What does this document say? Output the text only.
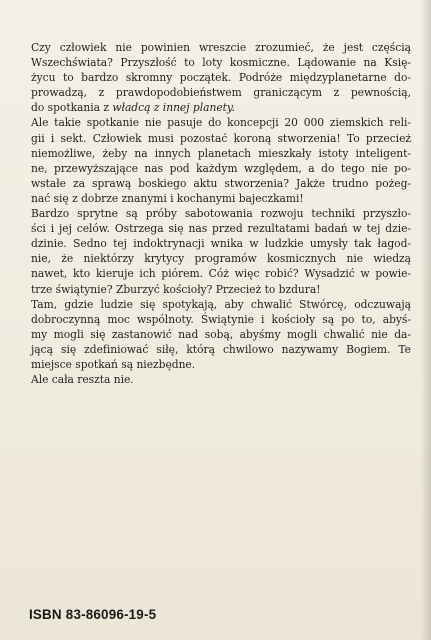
Czy człowiek nie powinien wreszcie zrozumieć, że jest częścią
Wszechświata? Przyszłość to loty kosmiczne. Lądowanie na Księ-
życu to bardzo skromny początek. Podróże międzyplanetarne do-
prowadzą, z prawdopodobieństwem graniczącym z pewnością,
do spotkania z władcą z innej planety.

Ale takie spotkanie nie pasuje do koncepcji 20 000 ziemskich reli-
gii i sekt. Człowiek musi pozostać koroną stworzenia! To przecież
niemożliwe, żeby na innych planetach mieszkały istoty inteligent-
ne, przewyższające nas pod każdym względem, a do tego nie po-
wstałe za sprawą boskiego aktu stworzenia? Jakże trudno pożeg-
nać się z dobrze znanymi i kochanymi bajeczkami!

Bardzo sprytne są próby sabotowania rozwoju techniki przyszło-
ści i jej celów. Ostrzega się nas przed rezultatami badań w tej dzie-
dzinie. Sedno tej indoktrynacji wnika w ludzkie umysły tak łagod-
nie, że niektórzy krytycy programów kosmicznych nie wiedzą
nawet, kto kieruje ich piórem. Cóż więc robić? Wysadzić w powie-
trze świątynie? Zburzyć kościoły? Przecież to bzdura!

Tam, gdzie ludzie się spotykają, aby chwalić Stwórcę, odczuwają
dobroczynną moc wspólnoty. Świątynie i kościoły są po to, abyś-
my mogli się zastanowić nad sobą, abyśmy mogli chwalić nie da-
jącą się zdefiniować siłę, którą chwilowo nazywamy Bogiem. Te
miejsce spotkań są niezbędne.

Ale cała reszta nie.

ISBN 83-86096-19-5
